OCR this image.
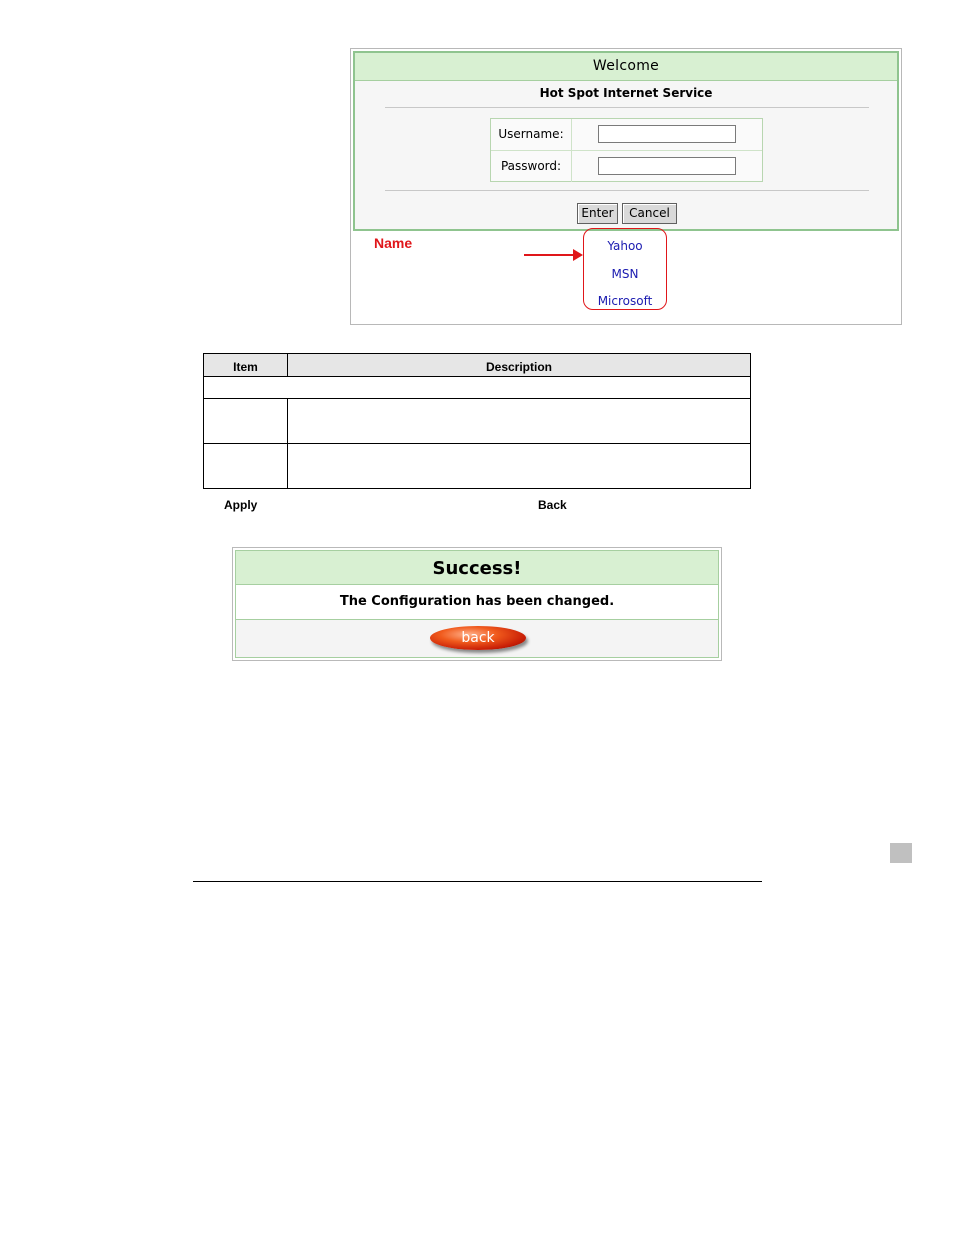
Welcome
Hot Spot Internet Service
Username:
Password:
Enter	Cancel
Name	Yahoo
MSN
Microsoft
Item	Description
Apply	Back
Success!
The Configuration has been changed.
back
